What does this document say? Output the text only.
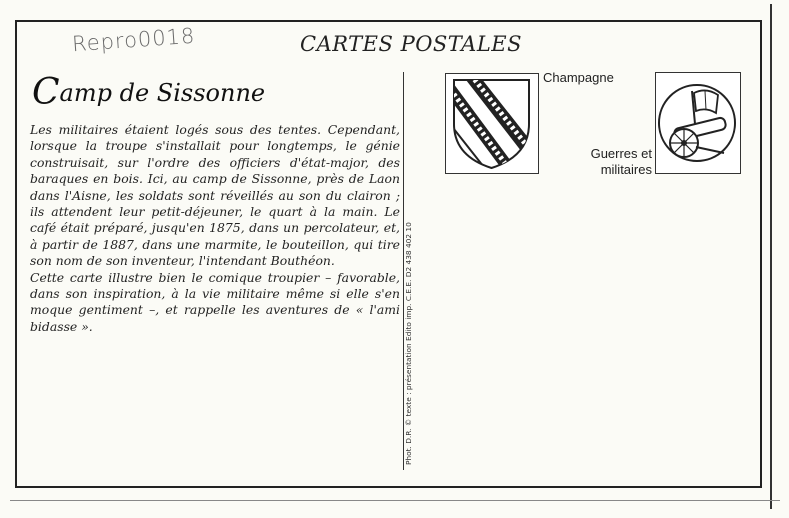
Repro0018	CARTES POSTALES
Camp de Sissonne

Les militaires étaient logés sous des tentes. Cependant, lorsque la troupe s'installait pour longtemps, le génie construisait, sur l'ordre des officiers d'état-major, des baraques en bois. Ici, au camp de Sissonne, près de Laon dans l'Aisne, les soldats sont réveillés au son du clairon ; ils attendent leur petit-déjeuner, le quart à la main. Le café était préparé, jusqu'en 1875, dans un percolateur, et, à partir de 1887, dans une marmite, le bouteillon, qui tire son nom de son inventeur, l'intendant Bouthéon.

Cette carte illustre bien le comique troupier – favorable, dans son inspiration, à la vie militaire même si elle s'en moque gentiment –, et rappelle les aventures de « l'ami bidasse ».	Phot. D.R. © texte : présentation Edito imp. C.E.E. D2 438 402 10
Champagne
Guerres et
militaires
